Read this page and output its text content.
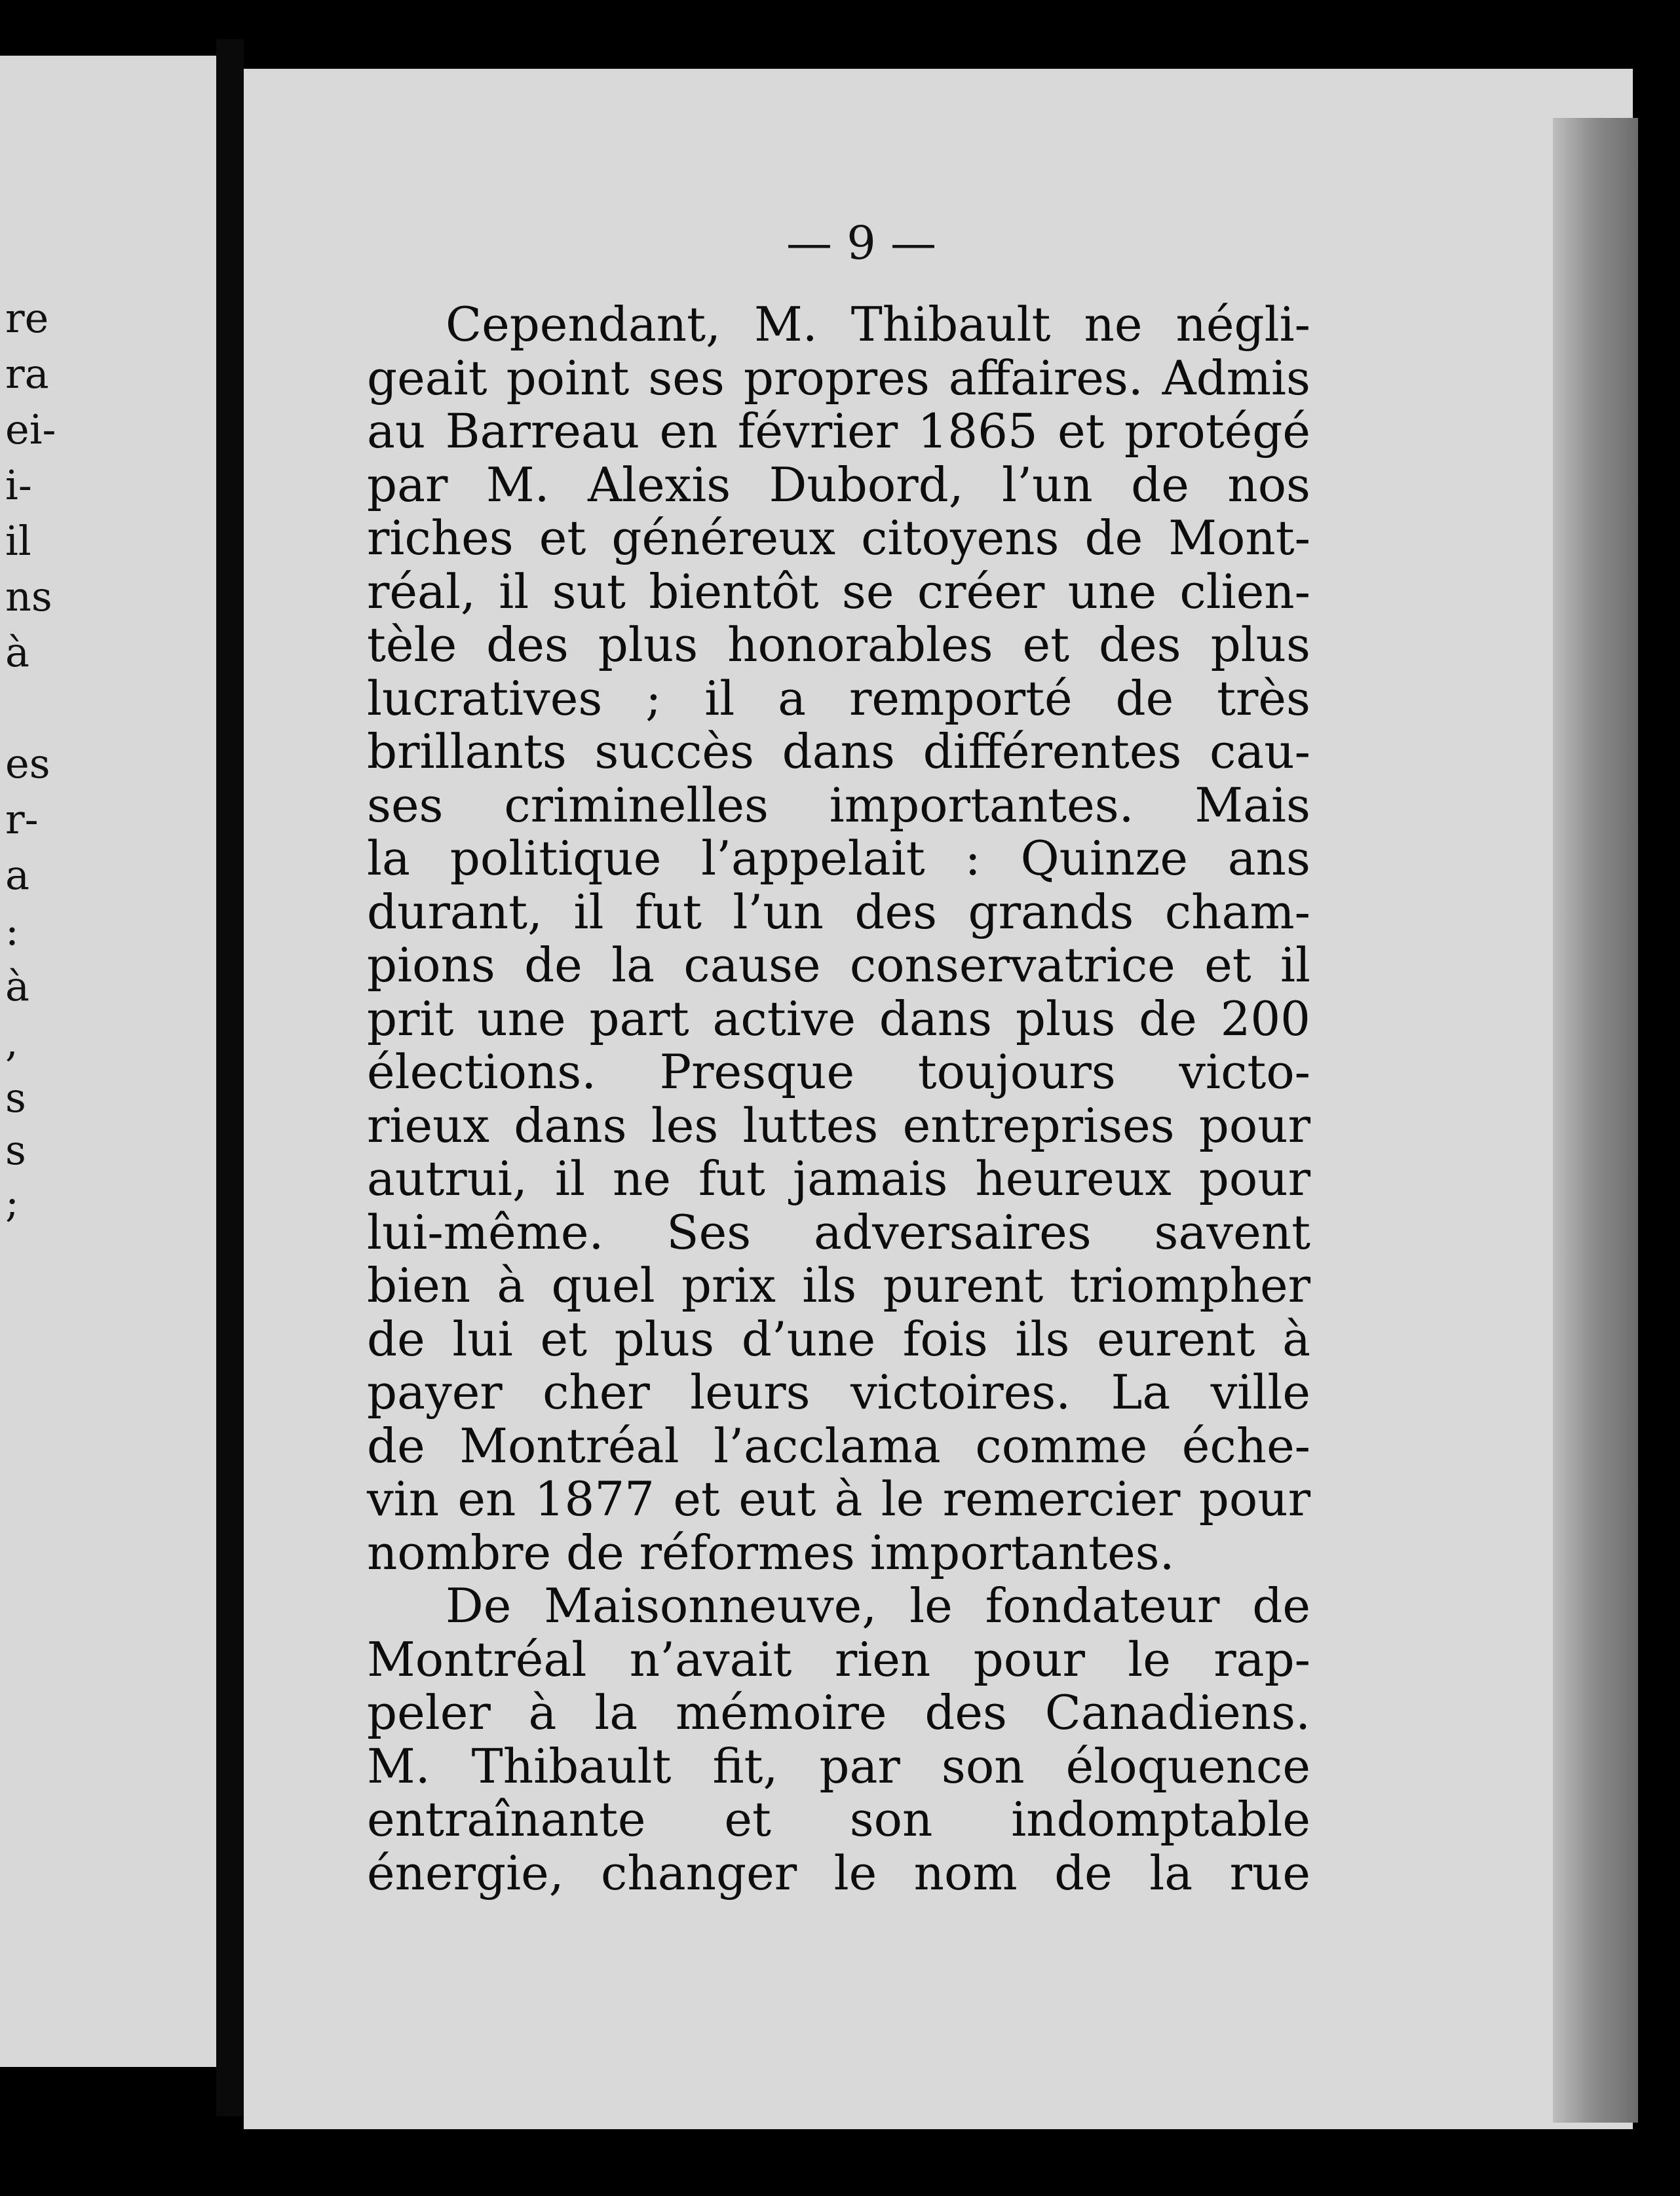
re
ra
ei-
i-
il
ns
à
es
r-
a
:
à
,
s
s
;
— 9 —
Cependant, M. Thibault ne négli-
geait point ses propres affaires. Admis
au Barreau en février 1865 et protégé
par M. Alexis Dubord, l’un de nos
riches et généreux citoyens de Mont-
réal, il sut bientôt se créer une clien-
tèle des plus honorables et des plus
lucratives ; il a remporté de très
brillants succès dans différentes cau-
ses criminelles importantes. Mais
la politique l’appelait : Quinze ans
durant, il fut l’un des grands cham-
pions de la cause conservatrice et il
prit une part active dans plus de 200
élections. Presque toujours victo-
rieux dans les luttes entreprises pour
autrui, il ne fut jamais heureux pour
lui-même. Ses adversaires savent
bien à quel prix ils purent triompher
de lui et plus d’une fois ils eurent à
payer cher leurs victoires. La ville
de Montréal l’acclama comme éche-
vin en 1877 et eut à le remercier pour
nombre de réformes importantes.
De Maisonneuve, le fondateur de
Montréal n’avait rien pour le rap-
peler à la mémoire des Canadiens.
M. Thibault fit, par son éloquence
entraînante et son indomptable
énergie, changer le nom de la rue
